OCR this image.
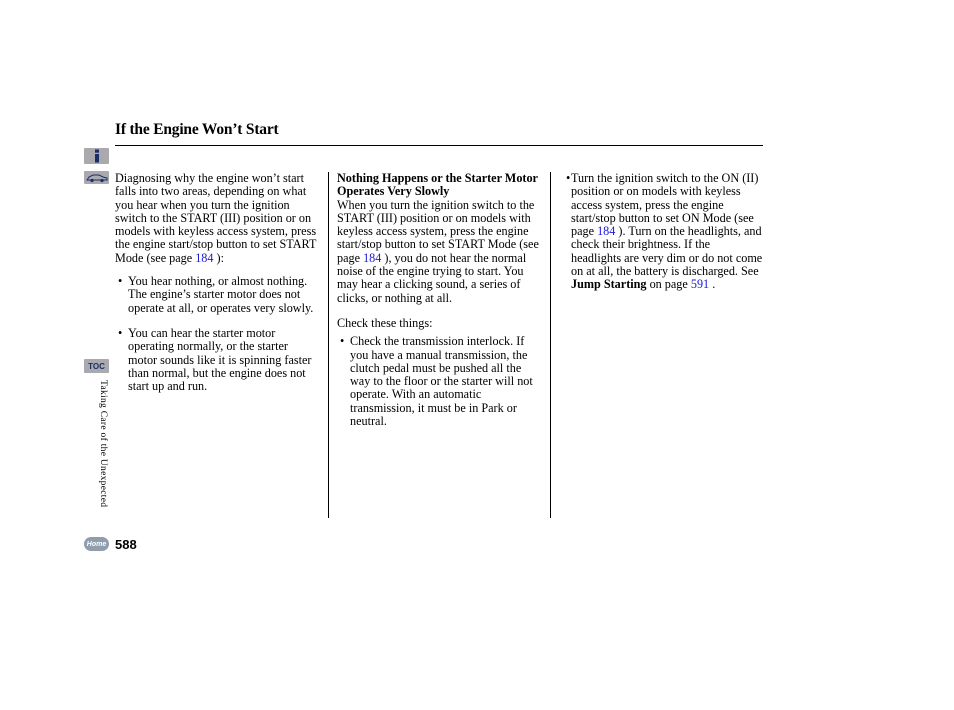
If the Engine Won’t Start
TOC
Taking Care of the Unexpected
Home 588

Diagnosing why the engine won’t start falls into two areas, depending on what you hear when you turn the ignition switch to the START (III) position or on models with keyless access system, press the engine start/stop button to set START Mode (see page 184 ):

• You hear nothing, or almost nothing. The engine’s starter motor does not operate at all, or operates very slowly.

• You can hear the starter motor operating normally, or the starter motor sounds like it is spinning faster than normal, but the engine does not start up and run.

Nothing Happens or the Starter Motor Operates Very Slowly

When you turn the ignition switch to the START (III) position or on models with keyless access system, press the engine start/stop button to set START Mode (see page 184 ), you do not hear the normal noise of the engine trying to start. You may hear a clicking sound, a series of clicks, or nothing at all.

Check these things:

• Check the transmission interlock. If you have a manual transmission, the clutch pedal must be pushed all the way to the floor or the starter will not operate. With an automatic transmission, it must be in Park or neutral.

• Turn the ignition switch to the ON (II) position or on models with keyless access system, press the engine start/stop button to set ON Mode (see page 184 ). Turn on the headlights, and check their brightness. If the headlights are very dim or do not come on at all, the battery is discharged. See Jump Starting on page 591 .
